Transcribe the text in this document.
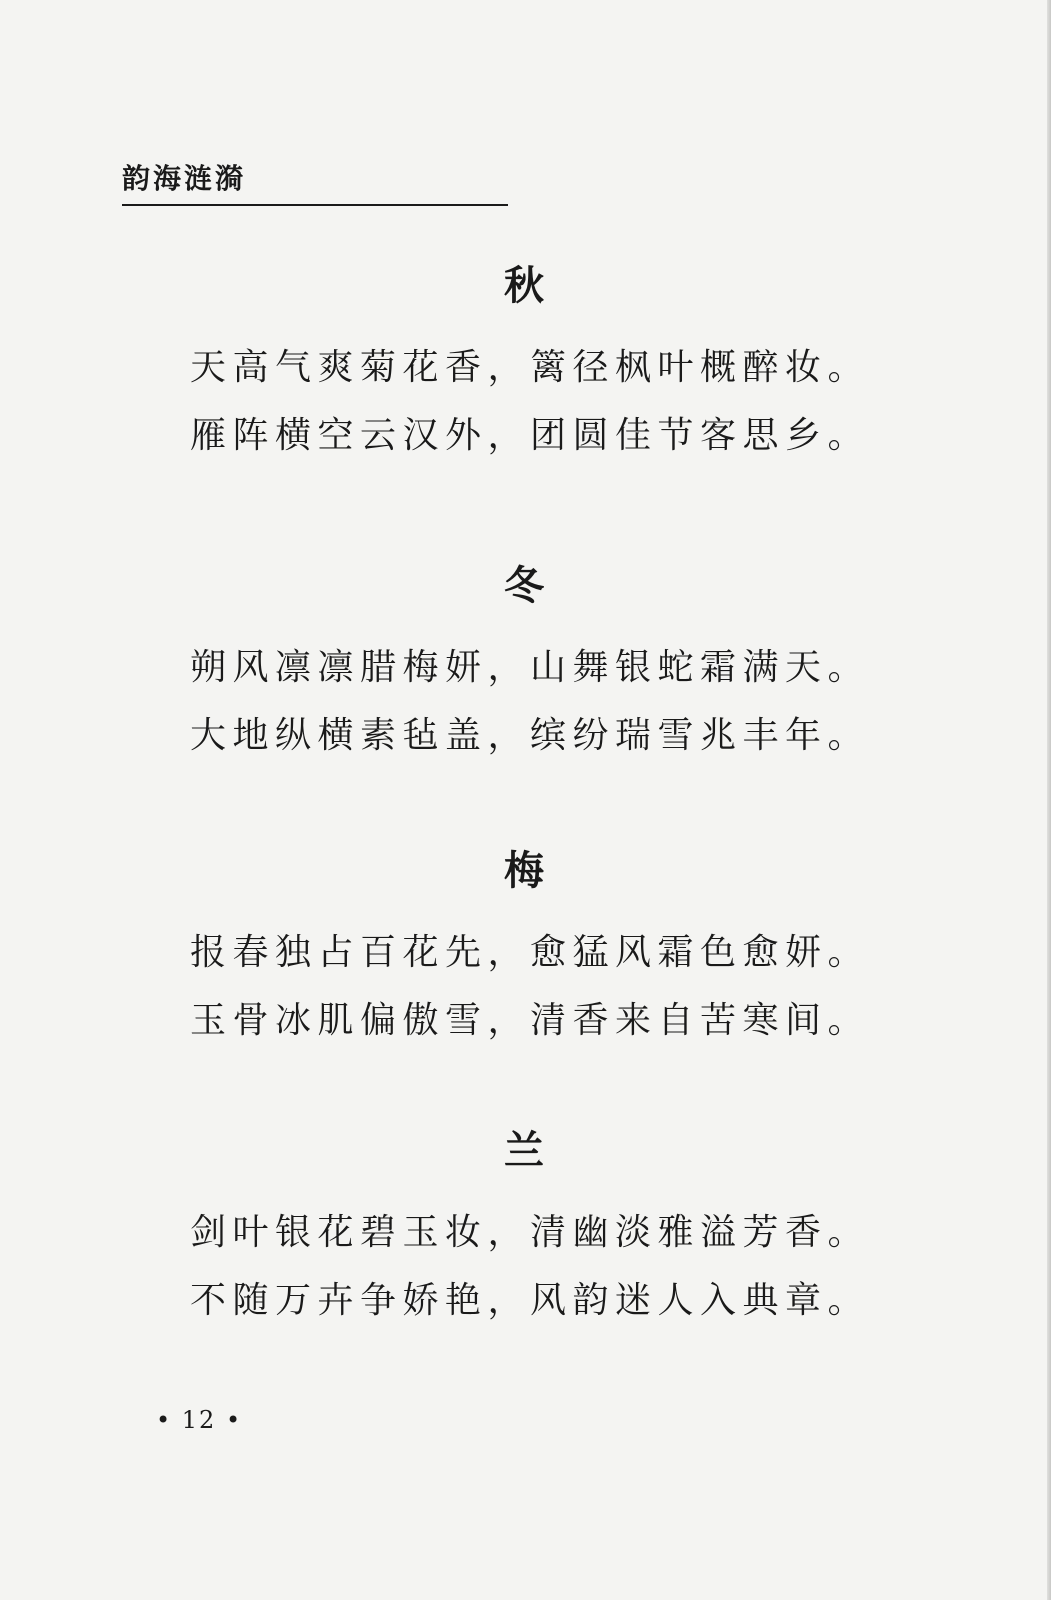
韵海涟漪
秋
天高气爽菊花香，篱径枫叶概醉妆。
雁阵横空云汉外，团圆佳节客思乡。
冬
朔风凛凛腊梅妍，山舞银蛇霜满天。
大地纵横素毡盖，缤纷瑞雪兆丰年。
梅
报春独占百花先，愈猛风霜色愈妍。
玉骨冰肌偏傲雪，清香来自苦寒间。
兰
剑叶银花碧玉妆，清幽淡雅溢芳香。
不随万卉争娇艳，风韵迷人入典章。
• 12 •
